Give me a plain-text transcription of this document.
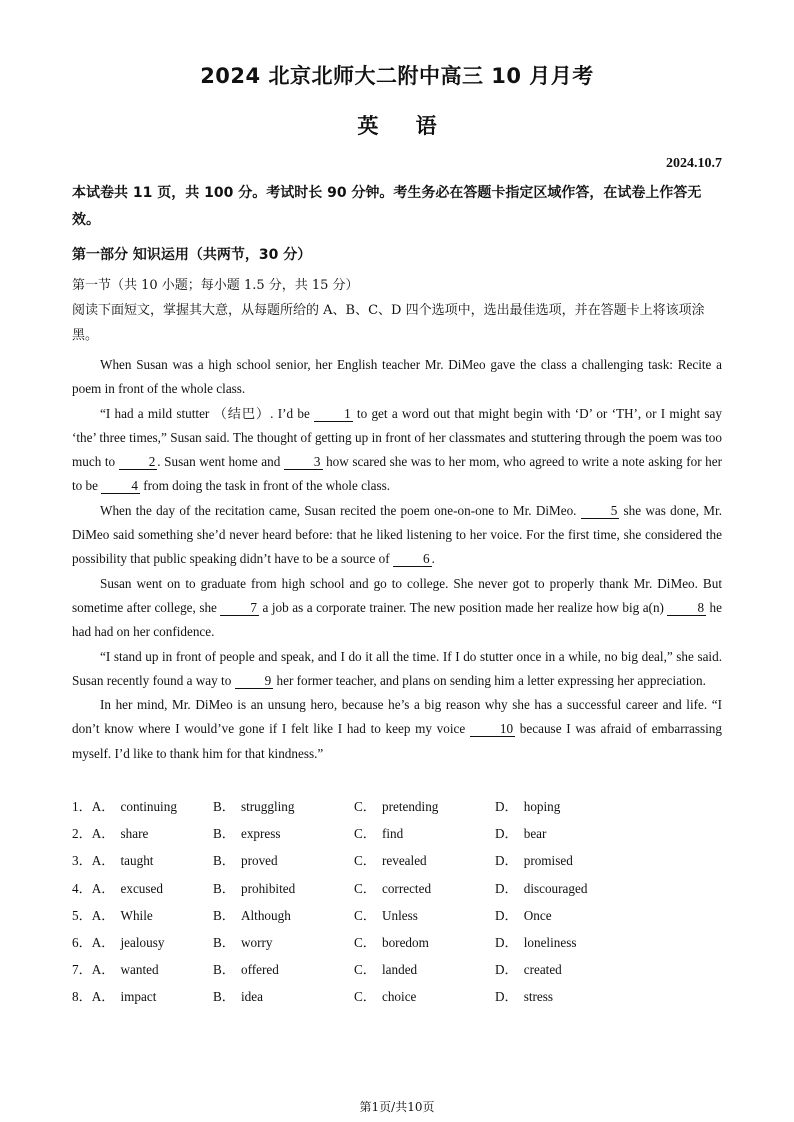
2024 北京北师大二附中高三 10 月月考
英 语
2024.10.7
本试卷共 11 页，共 100 分。考试时长 90 分钟。考生务必在答题卡指定区域作答，在试卷上作答无效。
第一部分 知识运用（共两节，30 分）
第一节（共 10 小题；每小题 1.5 分，共 15 分）
阅读下面短文，掌握其大意，从每题所给的 A、B、C、D 四个选项中，选出最佳选项，并在答题卡上将该项涂黑。

When Susan was a high school senior, her English teacher Mr. DiMeo gave the class a challenging task: Recite a poem in front of the whole class.

“I had a mild stutter （结巴）. I’d be 1 to get a word out that might begin with ‘D’ or ‘TH’, or I might say ‘the’ three times,” Susan said. The thought of getting up in front of her classmates and stuttering through the poem was too much to 2 . Susan went home and 3 how scared she was to her mom, who agreed to write a note asking for her to be 4 from doing the task in front of the whole class.

When the day of the recitation came, Susan recited the poem one-on-one to Mr. DiMeo. 5 she was done, Mr. DiMeo said something she’d never heard before: that he liked listening to her voice. For the first time, she considered the possibility that public speaking didn’t have to be a source of 6 .

Susan went on to graduate from high school and go to college. She never got to properly thank Mr. DiMeo. But sometime after college, she 7 a job as a corporate trainer. The new position made her realize how big a(n) 8 he had had on her confidence.

“I stand up in front of people and speak, and I do it all the time. If I do stutter once in a while, no big deal,” she said. Susan recently found a way to 9 her former teacher, and plans on sending him a letter expressing her appreciation.

In her mind, Mr. DiMeo is an unsung hero, because he’s a big reason why she has a successful career and life. “I don’t know where I would’ve gone if I felt like I had to keep my voice 10 because I was afraid of embarrassing myself. I’d like to thank him for that kindness.”

1．A． continuing	B． struggling	C． pretending	D． hoping
2．A． share	B． express	C． find	D． bear
3．A． taught	B． proved	C． revealed	D． promised
4．A． excused	B． prohibited	C． corrected	D． discouraged
5．A． While	B． Although	C． Unless	D． Once
6．A． jealousy	B． worry	C． boredom	D． loneliness
7．A． wanted	B． offered	C． landed	D． created
8．A． impact	B． idea	C． choice	D． stress
第1页/共10页
